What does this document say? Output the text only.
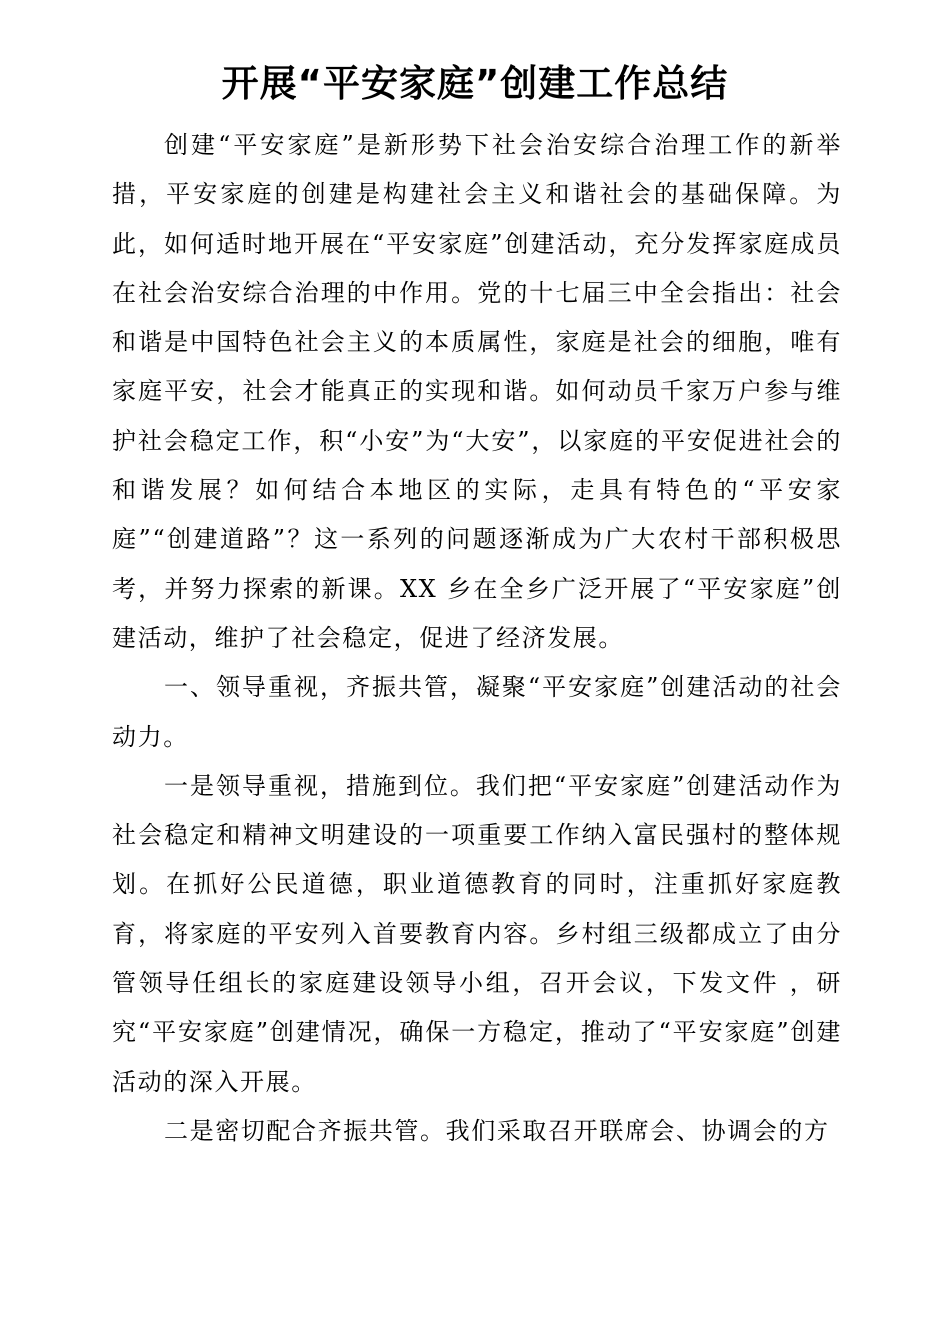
开展“平安家庭”创建工作总结

创建“平安家庭”是新形势下社会治安综合治理工作的新举措，平安家庭的创建是构建社会主义和谐社会的基础保障。为此，如何适时地开展在“平安家庭”创建活动，充分发挥家庭成员在社会治安综合治理的中作用。党的十七届三中全会指出：社会和谐是中国特色社会主义的本质属性，家庭是社会的细胞，唯有家庭平安，社会才能真正的实现和谐。如何动员千家万户参与维护社会稳定工作，积“小安”为“大安”，以家庭的平安促进社会的和谐发展？如何结合本地区的实际，走具有特色的“平安家庭”“创建道路”？这一系列的问题逐渐成为广大农村干部积极思考，并努力探索的新课。XX 乡在全乡广泛开展了“平安家庭”创建活动，维护了社会稳定，促进了经济发展。

一、领导重视，齐振共管，凝聚“平安家庭”创建活动的社会动力。

一是领导重视，措施到位。我们把“平安家庭”创建活动作为社会稳定和精神文明建设的一项重要工作纳入富民强村的整体规划。在抓好公民道德，职业道德教育的同时，注重抓好家庭教育，将家庭的平安列入首要教育内容。乡村组三级都成立了由分管领导任组长的家庭建设领导小组，召开会议，下发文件 ，研究“平安家庭”创建情况，确保一方稳定，推动了“平安家庭”创建活动的深入开展。

二是密切配合齐振共管。我们采取召开联席会、协调会的方
